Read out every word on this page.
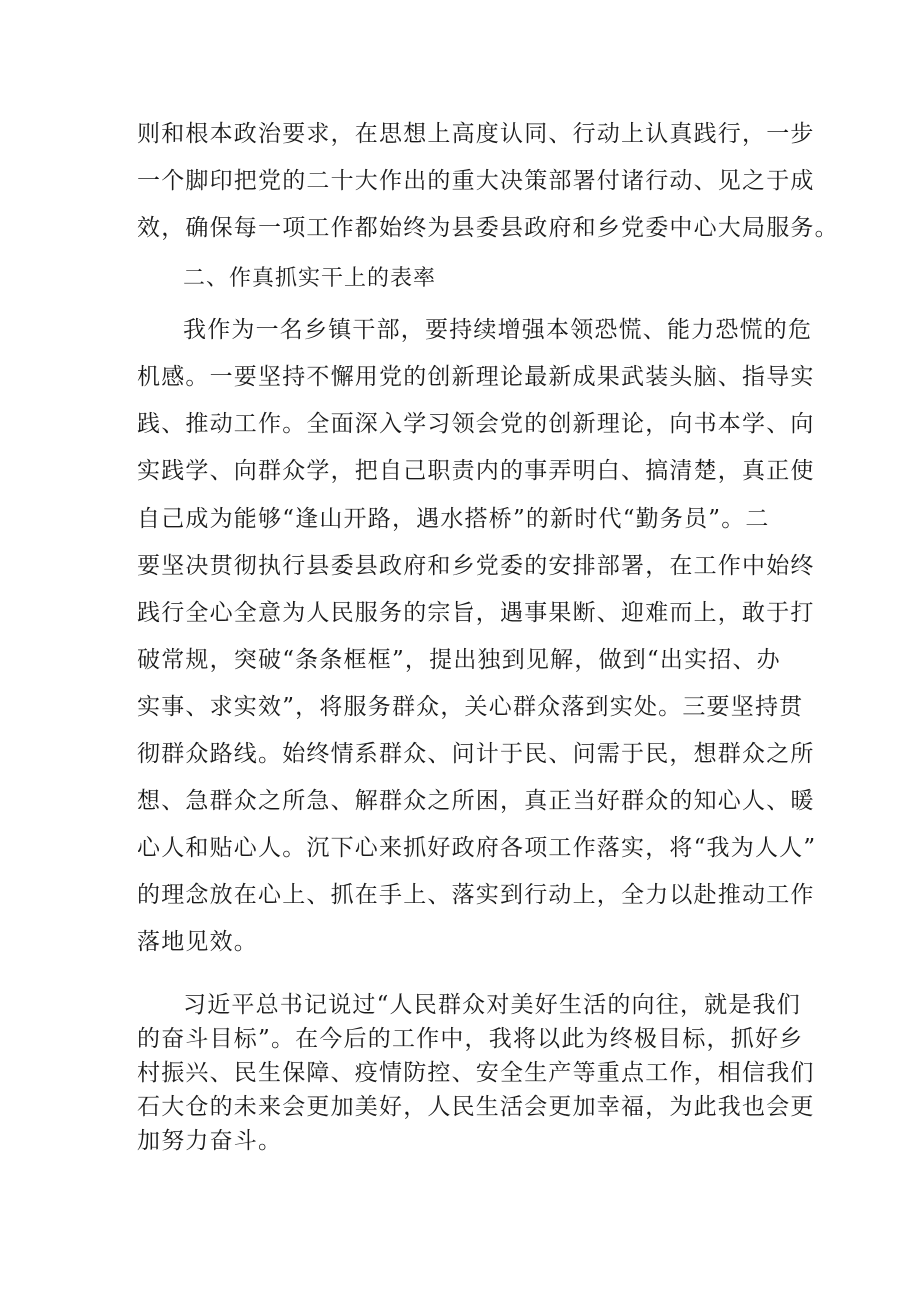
则和根本政治要求，在思想上高度认同、行动上认真践行，一步
一个脚印把党的二十大作出的重大决策部署付诸行动、见之于成
效，确保每一项工作都始终为县委县政府和乡党委中心大局服务。
二、作真抓实干上的表率
我作为一名乡镇干部，要持续增强本领恐慌、能力恐慌的危
机感。一要坚持不懈用党的创新理论最新成果武装头脑、指导实
践、推动工作。全面深入学习领会党的创新理论，向书本学、向
实践学、向群众学，把自己职责内的事弄明白、搞清楚，真正使
自己成为能够“逢山开路，遇水搭桥”的新时代“勤务员”。二
要坚决贯彻执行县委县政府和乡党委的安排部署，在工作中始终
践行全心全意为人民服务的宗旨，遇事果断、迎难而上，敢于打
破常规，突破“条条框框”，提出独到见解，做到“出实招、办
实事、求实效”，将服务群众，关心群众落到实处。三要坚持贯
彻群众路线。始终情系群众、问计于民、问需于民，想群众之所
想、急群众之所急、解群众之所困，真正当好群众的知心人、暖
心人和贴心人。沉下心来抓好政府各项工作落实，将“我为人人”
的理念放在心上、抓在手上、落实到行动上，全力以赴推动工作
落地见效。
习近平总书记说过“人民群众对美好生活的向往，就是我们
的奋斗目标”。在今后的工作中，我将以此为终极目标，抓好乡
村振兴、民生保障、疫情防控、安全生产等重点工作，相信我们
石大仓的未来会更加美好，人民生活会更加幸福，为此我也会更
加努力奋斗。
